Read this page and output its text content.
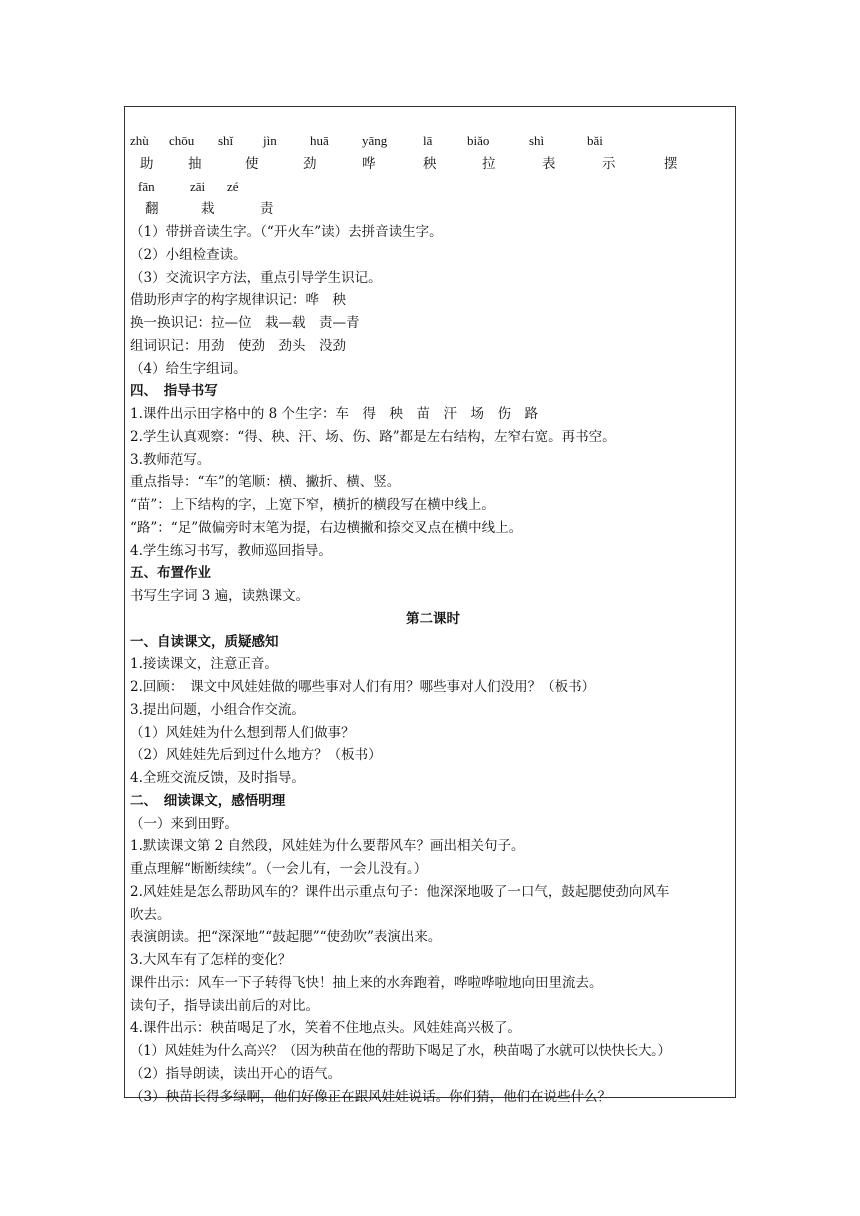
zhù	chōu	shǐ	jìn	huā	yāng	lā	biǎo	shì	bǎi
助	抽	使	劲	哗	秧	拉	表	示	摆
fān	zāi	zé
翻	栽	责
（1）带拼音读生字。（“开火车”读）去拼音读生字。
（2）小组检查读。
（3）交流识字方法，重点引导学生识记。
借助形声字的构字规律识记：哗　秧
换一换识记：拉—位　栽—载　责—青
组词识记：用劲　使劲　劲头　没劲
（4）给生字组词。
四、　指导书写
1.课件出示田字格中的 8 个生字：车　得　秧　苗　汗　场　伤　路
2.学生认真观察：“得、秧、汗、场、伤、路”都是左右结构，左窄右宽。再书空。
3.教师范写。
重点指导：“车”的笔顺：横、撇折、横、竖。
“苗”：上下结构的字，上宽下窄，横折的横段写在横中线上。
“路”：“足”做偏旁时末笔为提，右边横撇和捺交叉点在横中线上。
4.学生练习书写，教师巡回指导。
五、布置作业
书写生字词 3 遍，读熟课文。
第二课时
一、自读课文，质疑感知
1.接读课文，注意正音。
2.回顾：　课文中风娃娃做的哪些事对人们有用？哪些事对人们没用？（板书）
3.提出问题，小组合作交流。
（1）风娃娃为什么想到帮人们做事？
（2）风娃娃先后到过什么地方？（板书）
4.全班交流反馈，及时指导。
二、　细读课文，感悟明理
（一）来到田野。
1.默读课文第 2 自然段，风娃娃为什么要帮风车？画出相关句子。
重点理解“断断续续”。（一会儿有，一会儿没有。）
2.风娃娃是怎么帮助风车的？课件出示重点句子：他深深地吸了一口气，鼓起腮使劲向风车
吹去。
表演朗读。把“深深地”“鼓起腮”“使劲吹”表演出来。
3.大风车有了怎样的变化？
课件出示：风车一下子转得飞快！抽上来的水奔跑着，哗啦哗啦地向田里流去。
读句子，指导读出前后的对比。
4.课件出示：秧苗喝足了水，笑着不住地点头。风娃娃高兴极了。
（1）风娃娃为什么高兴？（因为秧苗在他的帮助下喝足了水，秧苗喝了水就可以快快长大。）
（2）指导朗读，读出开心的语气。
（3）秧苗长得多绿啊，他们好像正在跟风娃娃说话。你们猜，他们在说些什么？
